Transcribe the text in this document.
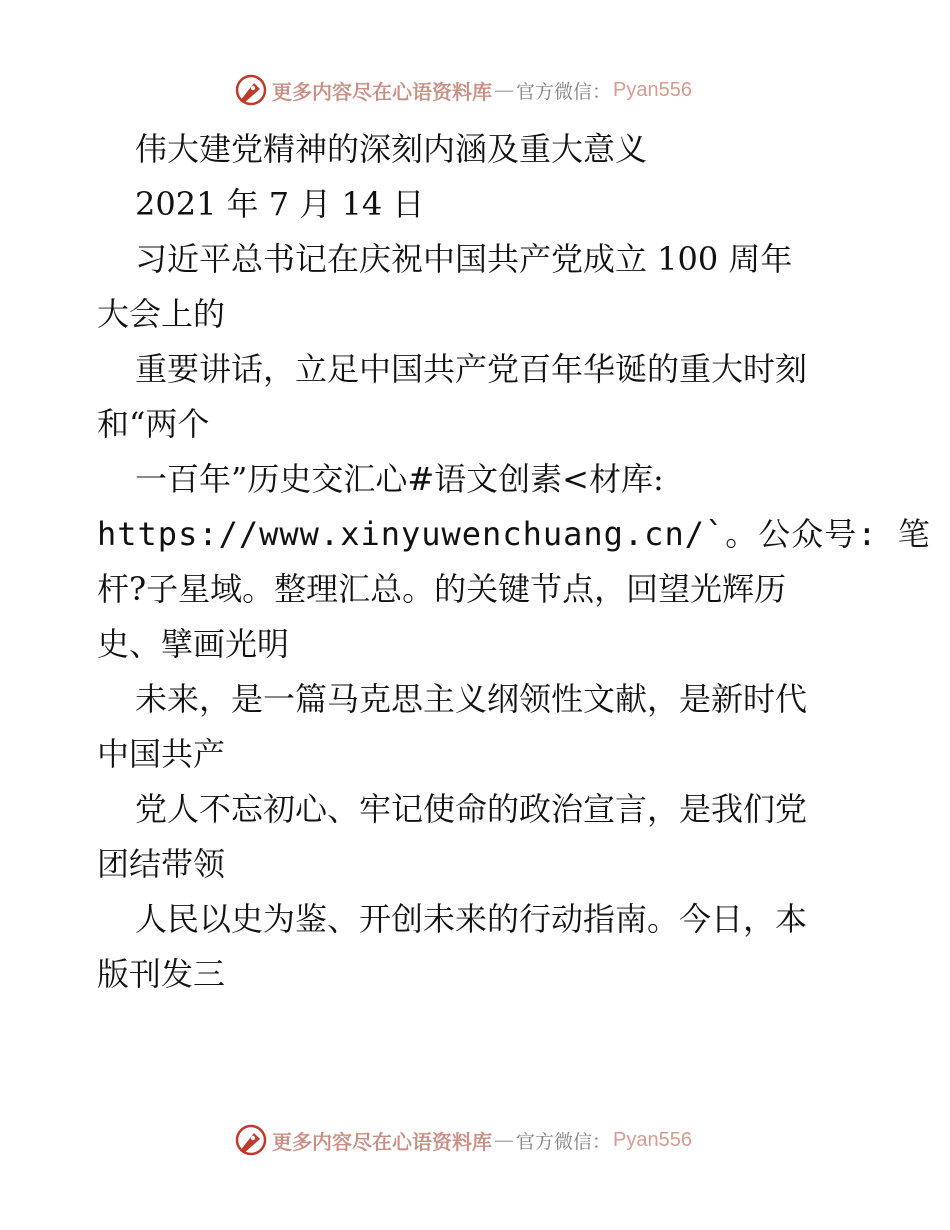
更多内容尽在心语资料库 — 官方微信： Pyan556
伟大建党精神的深刻内涵及重大意义
2021 年 7 月 14 日
习近平总书记在庆祝中国共产党成立 100 周年
大会上的
重要讲话，立足中国共产党百年华诞的重大时刻
和“两个
一百年”历史交汇心#语文创素<材库:
https://www.xinyuwenchuang.cn/`。公众号: 笔
杆?子星域。整理汇总。的关键节点，回望光辉历
史、擘画光明
未来，是一篇马克思主义纲领性文献，是新时代
中国共产
党人不忘初心、牢记使命的政治宣言，是我们党
团结带领
人民以史为鉴、开创未来的行动指南。今日，本
版刊发三
更多内容尽在心语资料库 — 官方微信： Pyan556
